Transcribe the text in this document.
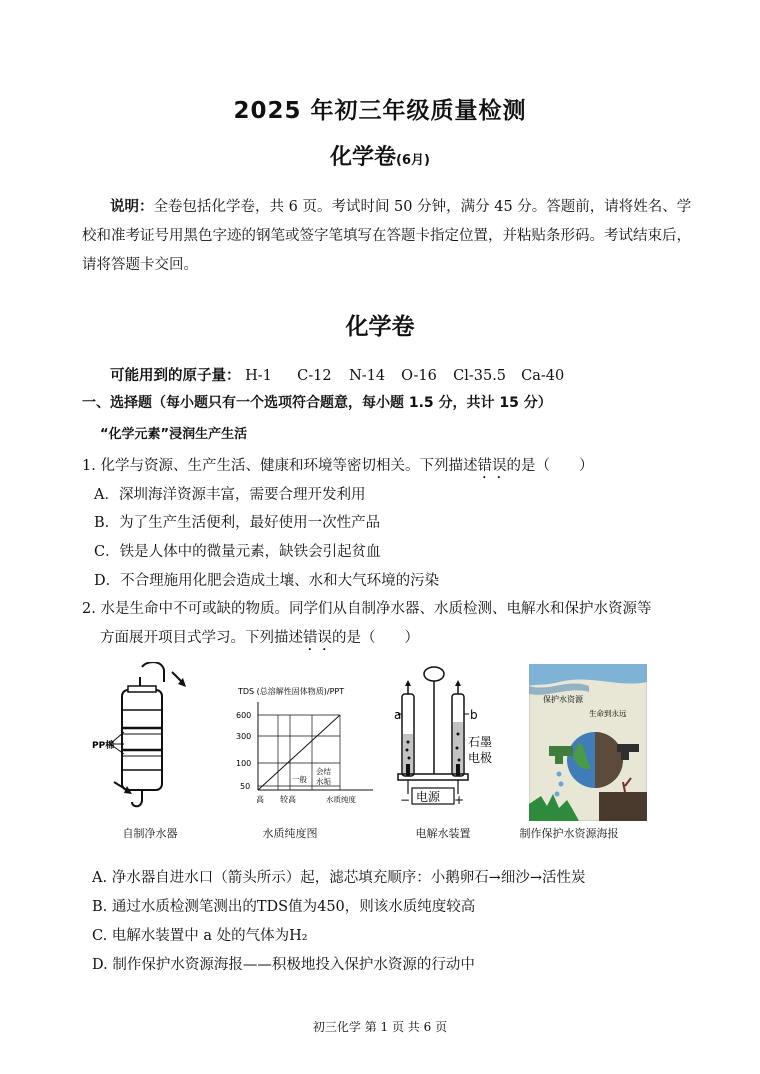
2025 年初三年级质量检测
化学卷(6月)
说明：全卷包括化学卷，共 6 页。考试时间 50 分钟，满分 45 分。答题前，请将姓名、学校和准考证号用黑色字迹的钢笔或签字笔填写在答题卡指定位置，并粘贴条形码。考试结束后，请将答题卡交回。
化学卷
可能用到的原子量： H-1 C-12 N-14 O-16 Cl-35.5 Ca-40
一、选择题（每小题只有一个选项符合题意，每小题 1.5 分，共计 15 分）
“化学元素”浸润生产生活
1. 化学与资源、生产生活、健康和环境等密切相关。下列描述错误的是（　　）
A．深圳海洋资源丰富，需要合理开发利用
B．为了生产生活便利，最好使用一次性产品
C．铁是人体中的微量元素，缺铁会引起贫血
D．不合理施用化肥会造成土壤、水和大气环境的污染
2. 水是生命中不可或缺的物质。同学们从自制净水器、水质检测、电解水和保护水资源等
方面展开项目式学习。下列描述错误的是（　　）
PP棉
自制净水器
TDS (总溶解性固体物质)/PPT
600
300
100
50
高 较高	水质纯度
一般
会结
水垢
水质纯度图
a	b
石墨
电极
电源
−	+
电解水装置
保护水资源
生命到永远
制作保护水资源海报
A. 净水器自进水口（箭头所示）起，滤芯填充顺序：小鹅卵石→细沙→活性炭
B. 通过水质检测笔测出的TDS值为450，则该水质纯度较高
C. 电解水装置中 a 处的气体为H₂
D. 制作保护水资源海报——积极地投入保护水资源的行动中
初三化学 第 1 页 共 6 页
